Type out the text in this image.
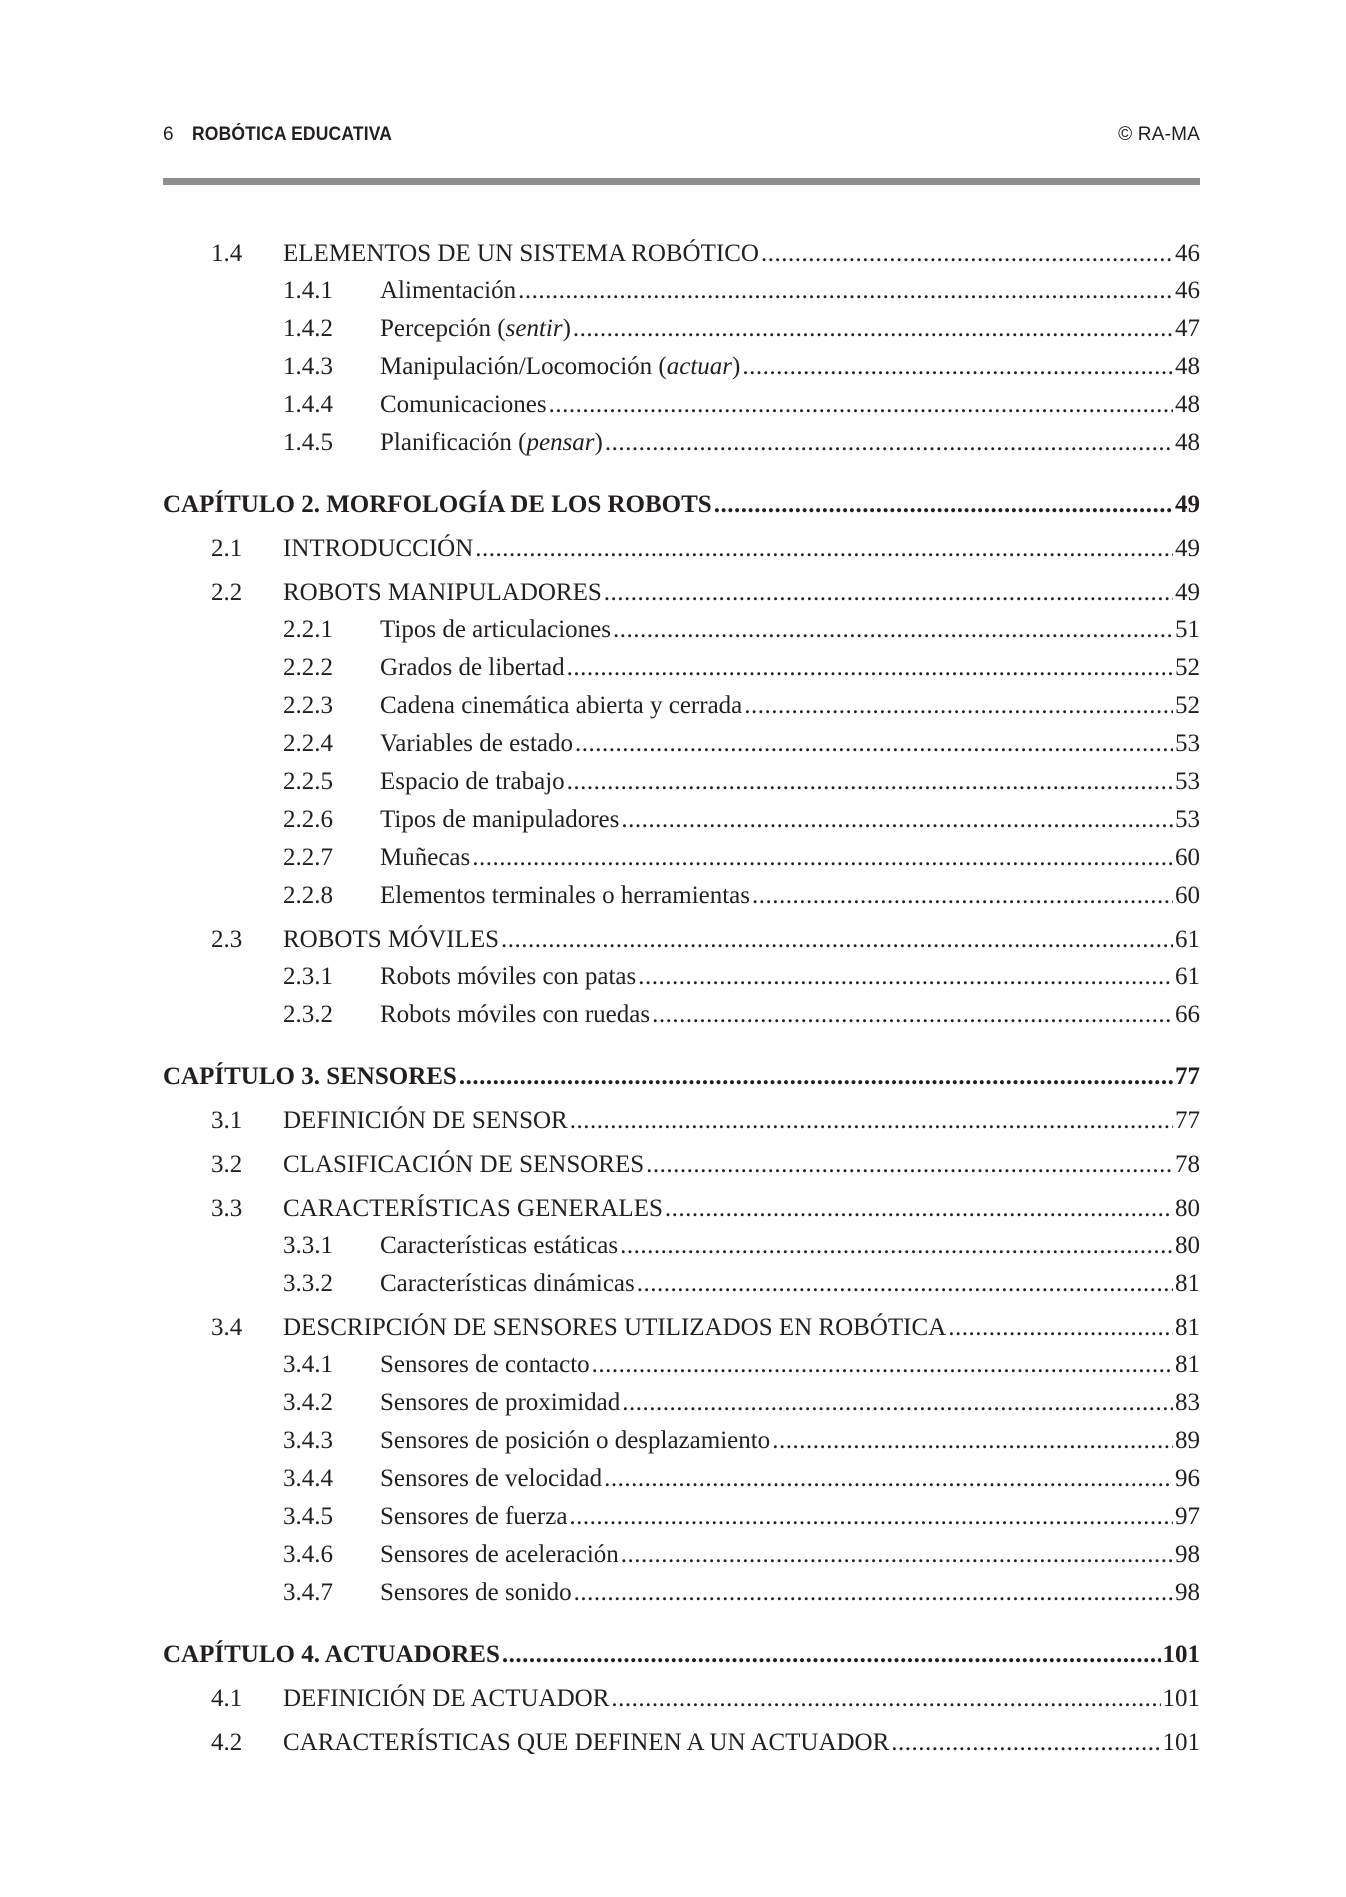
6 ROBÓTICA EDUCATIVA	© RA-MA
1.4	ELEMENTOS DE UN SISTEMA ROBÓTICO .....	46
1.4.1	Alimentación .....	46
1.4.2	Percepción (sentir) .....	47
1.4.3	Manipulación/Locomoción (actuar) .....	48
1.4.4	Comunicaciones .....	48
1.4.5	Planificación (pensar) .....	48
CAPÍTULO 2. MORFOLOGÍA DE LOS ROBOTS .....	49
2.1	INTRODUCCIÓN .....	49
2.2	ROBOTS MANIPULADORES .....	49
2.2.1	Tipos de articulaciones .....	51
2.2.2	Grados de libertad .....	52
2.2.3	Cadena cinemática abierta y cerrada .....	52
2.2.4	Variables de estado .....	53
2.2.5	Espacio de trabajo .....	53
2.2.6	Tipos de manipuladores .....	53
2.2.7	Muñecas .....	60
2.2.8	Elementos terminales o herramientas .....	60
2.3	ROBOTS MÓVILES .....	61
2.3.1	Robots móviles con patas .....	61
2.3.2	Robots móviles con ruedas .....	66
CAPÍTULO 3. SENSORES .....	77
3.1	DEFINICIÓN DE SENSOR .....	77
3.2	CLASIFICACIÓN DE SENSORES .....	78
3.3	CARACTERÍSTICAS GENERALES .....	80
3.3.1	Características estáticas .....	80
3.3.2	Características dinámicas .....	81
3.4	DESCRIPCIÓN DE SENSORES UTILIZADOS EN ROBÓTICA .....	81
3.4.1	Sensores de contacto .....	81
3.4.2	Sensores de proximidad .....	83
3.4.3	Sensores de posición o desplazamiento .....	89
3.4.4	Sensores de velocidad .....	96
3.4.5	Sensores de fuerza .....	97
3.4.6	Sensores de aceleración .....	98
3.4.7	Sensores de sonido .....	98
CAPÍTULO 4. ACTUADORES .....	101
4.1	DEFINICIÓN DE ACTUADOR .....	101
4.2	CARACTERÍSTICAS QUE DEFINEN A UN ACTUADOR .....	101
